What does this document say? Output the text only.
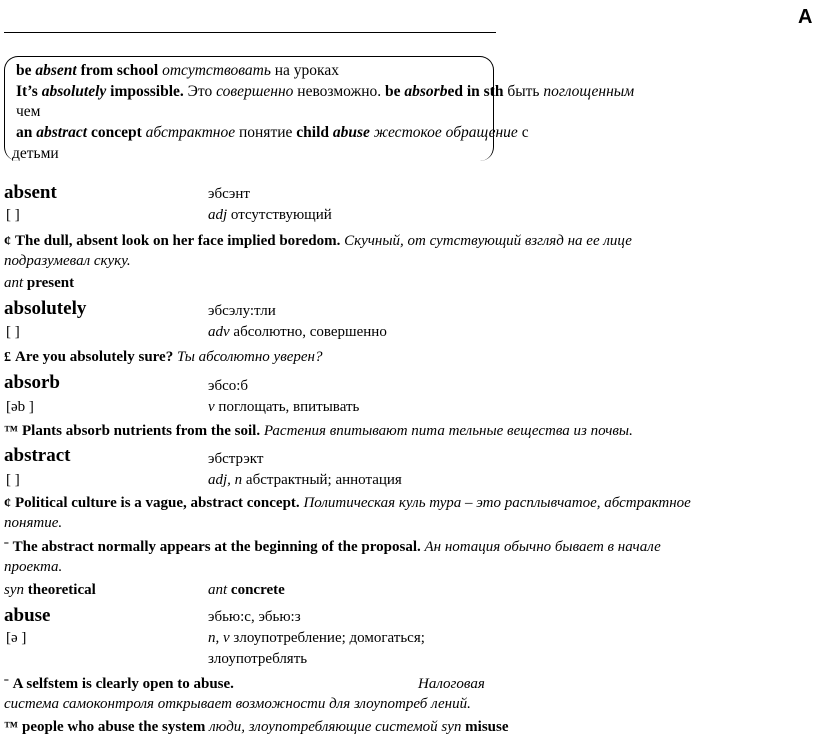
A
be absent from school отсутствовать на уроках
It’s absolutely impossible. Это совершенно невозможно. be absorbed in sth быть поглощенным
чем
an abstract concept абстрактное понятие child abuse жестокое обращение с
детьми
absent	эбсэнт
[ ]	adj отсутствующий
¢ The dull, absent look on her face implied boredom. Скучный, от сутствующий взгляд на ее лице
подразумевал скуку.
ant present
absolutely	эбсэлу:тли
[ ]	adv абсолютно, совершенно
£ Are you absolutely sure? Ты абсолютно уверен?
absorb	эбсо:б
[əb ]	v поглощать, впитывать
™ Plants absorb nutrients from the soil. Растения впитывают пита тельные вещества из почвы.
abstract	эбстрэкт
[ ]	adj, n абстрактный; аннотация
¢ Political culture is a vague, abstract concept. Политическая куль тура – это расплывчатое, абстрактное
понятие.
ˉ The abstract normally appears at the beginning of the proposal. Ан нотация обычно бывает в начале
проекта.
syn theoretical	ant concrete
abuse	эбью:с, эбью:з
[ə ]	n, v злоупотребление; домогаться;
злоупотреблять
ˉ A selfstem is clearly open to abuse.	Налоговая
система самоконтроля открывает возможности для злоупотреб лений.
™ people who abuse the system люди, злоупотребляющие системой syn misuse
